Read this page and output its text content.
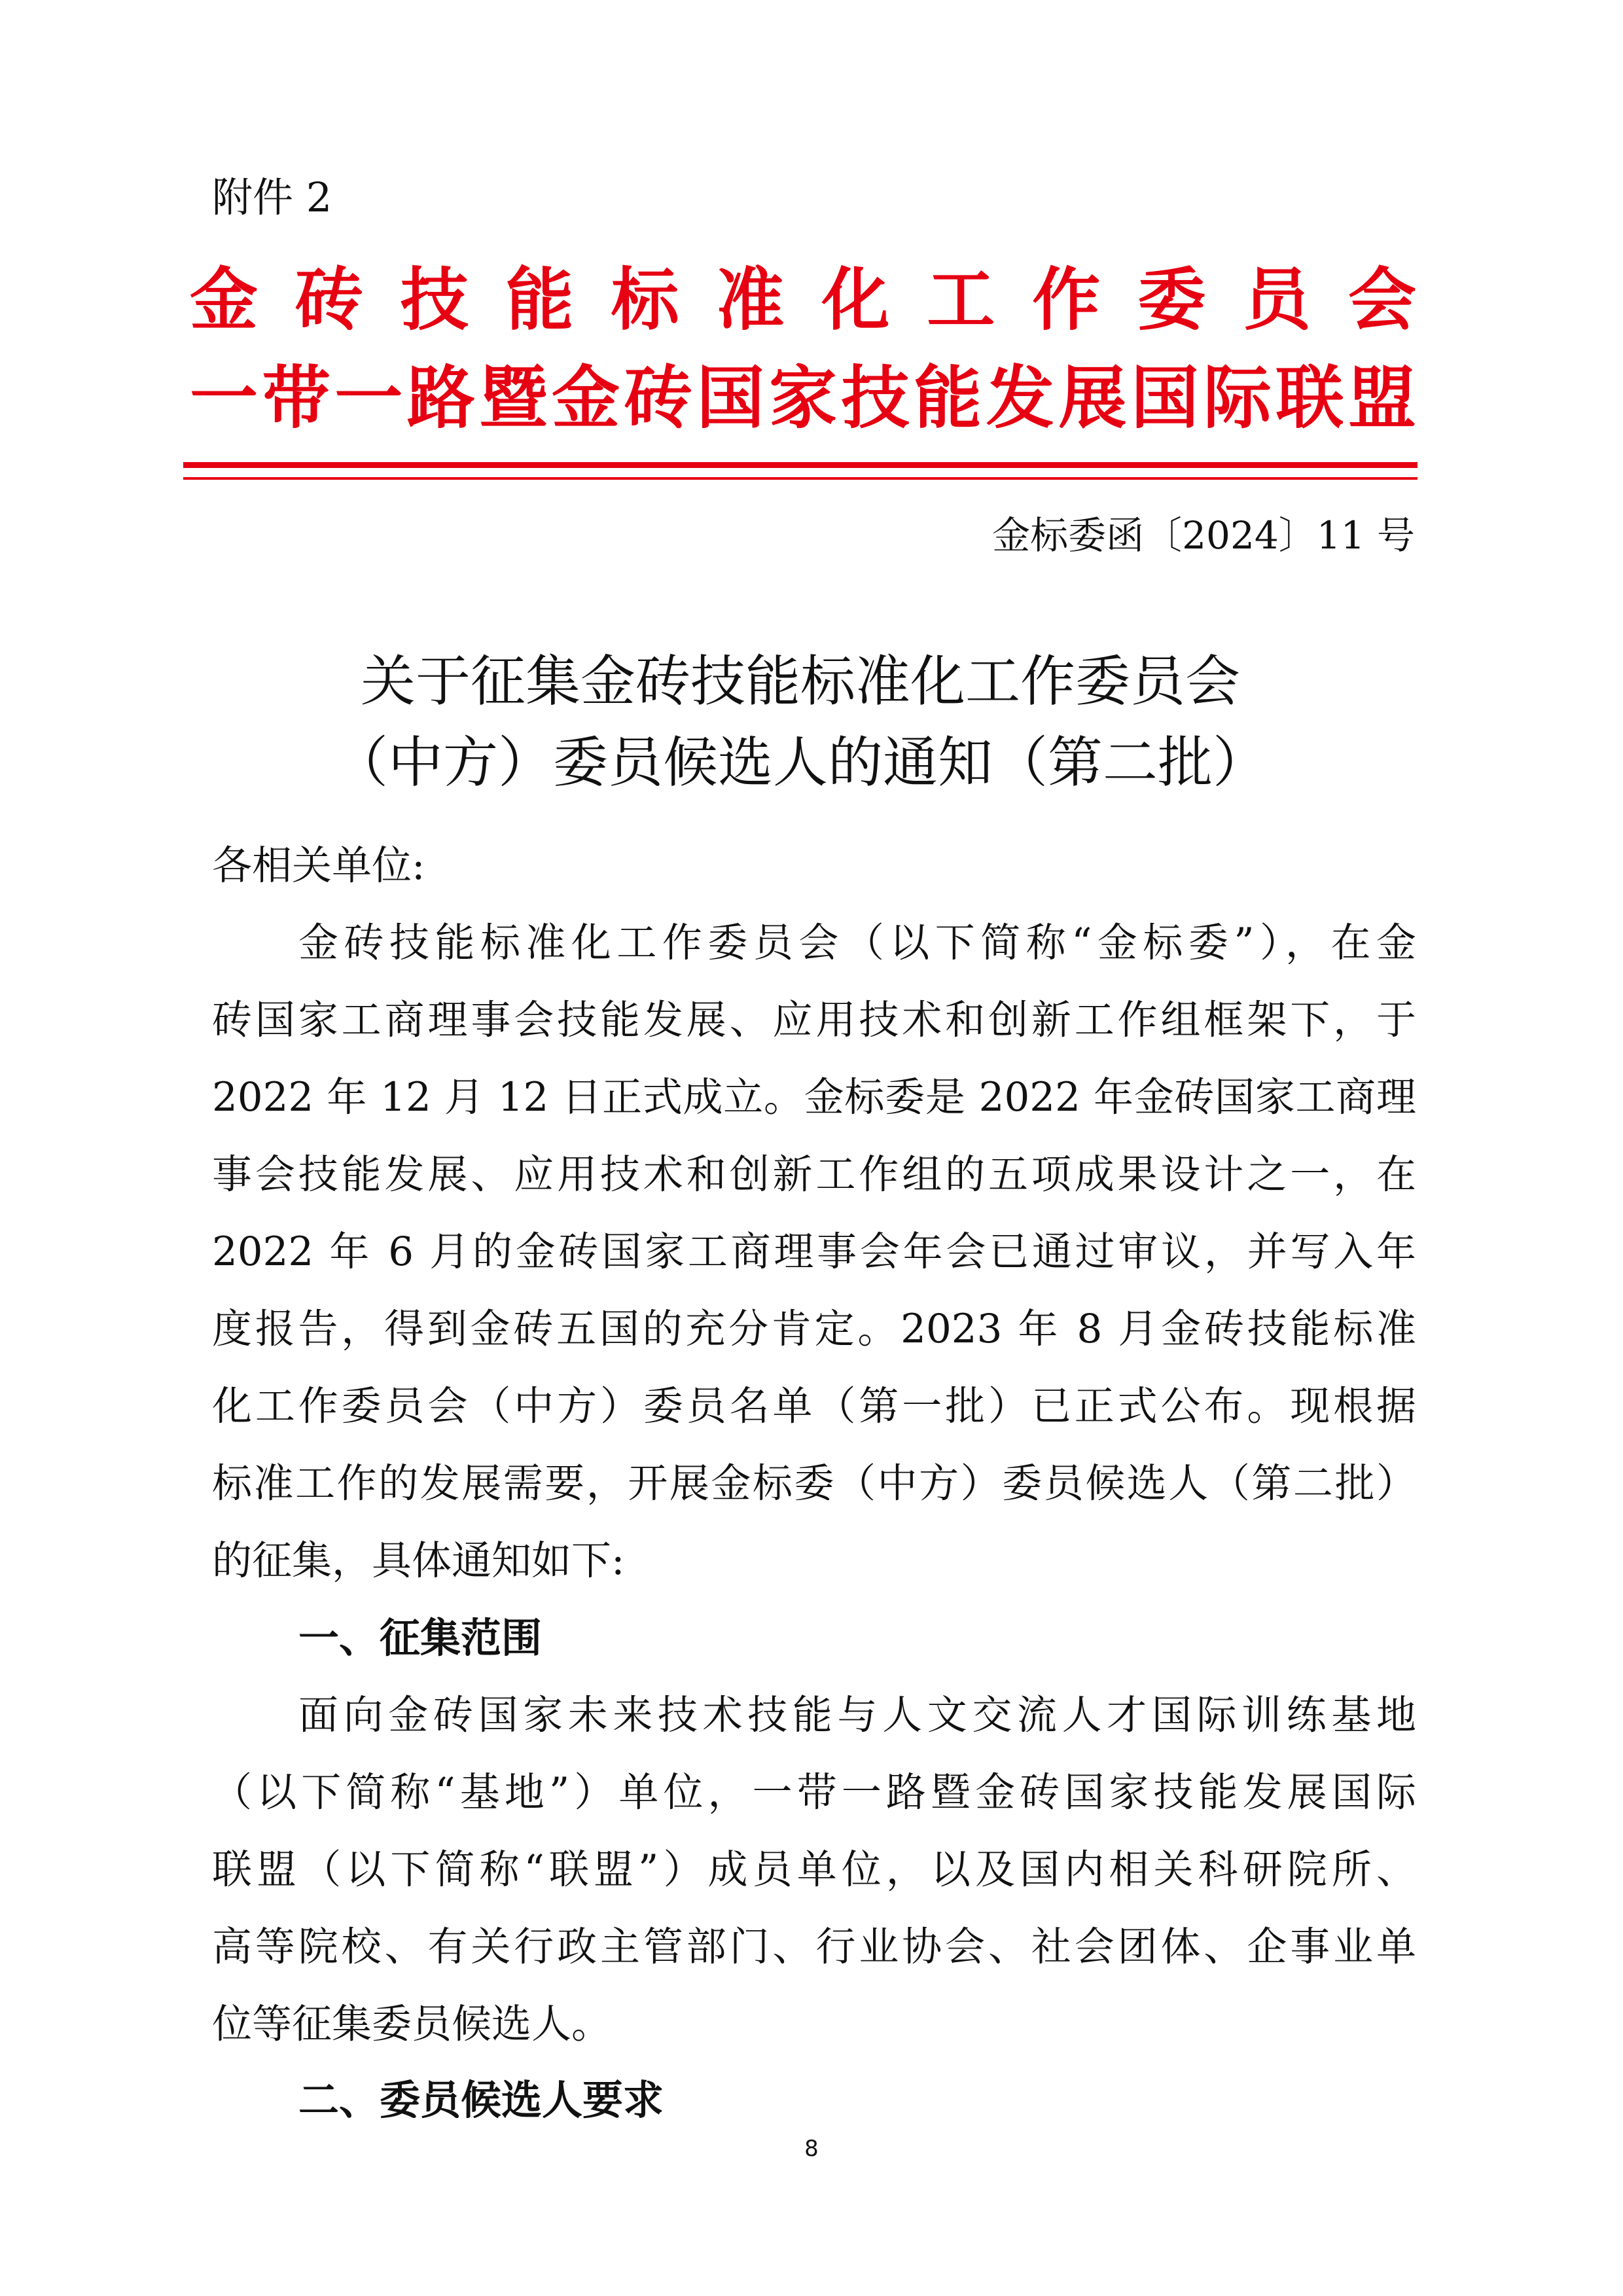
附件 2
金砖技能标准化工作委员会
一带一路暨金砖国家技能发展国际联盟
金标委函〔2024〕11 号
关于征集金砖技能标准化工作委员会
（中方）委员候选人的通知（第二批）
各相关单位:
金砖技能标准化工作委员会（以下简称“金标委”），在金
砖国家工商理事会技能发展、应用技术和创新工作组框架下，于
2022 年 12 月 12 日正式成立。金标委是 2022 年金砖国家工商理
事会技能发展、应用技术和创新工作组的五项成果设计之一，在
2022 年 6 月的金砖国家工商理事会年会已通过审议，并写入年
度报告，得到金砖五国的充分肯定。2023 年 8 月金砖技能标准
化工作委员会（中方）委员名单（第一批）已正式公布。现根据
标准工作的发展需要，开展金标委（中方）委员候选人（第二批）
的征集，具体通知如下:
一、征集范围
面向金砖国家未来技术技能与人文交流人才国际训练基地
（以下简称“基地”）单位，一带一路暨金砖国家技能发展国际
联盟（以下简称“联盟”）成员单位，以及国内相关科研院所、
高等院校、有关行政主管部门、行业协会、社会团体、企事业单
位等征集委员候选人。
二、委员候选人要求
8
